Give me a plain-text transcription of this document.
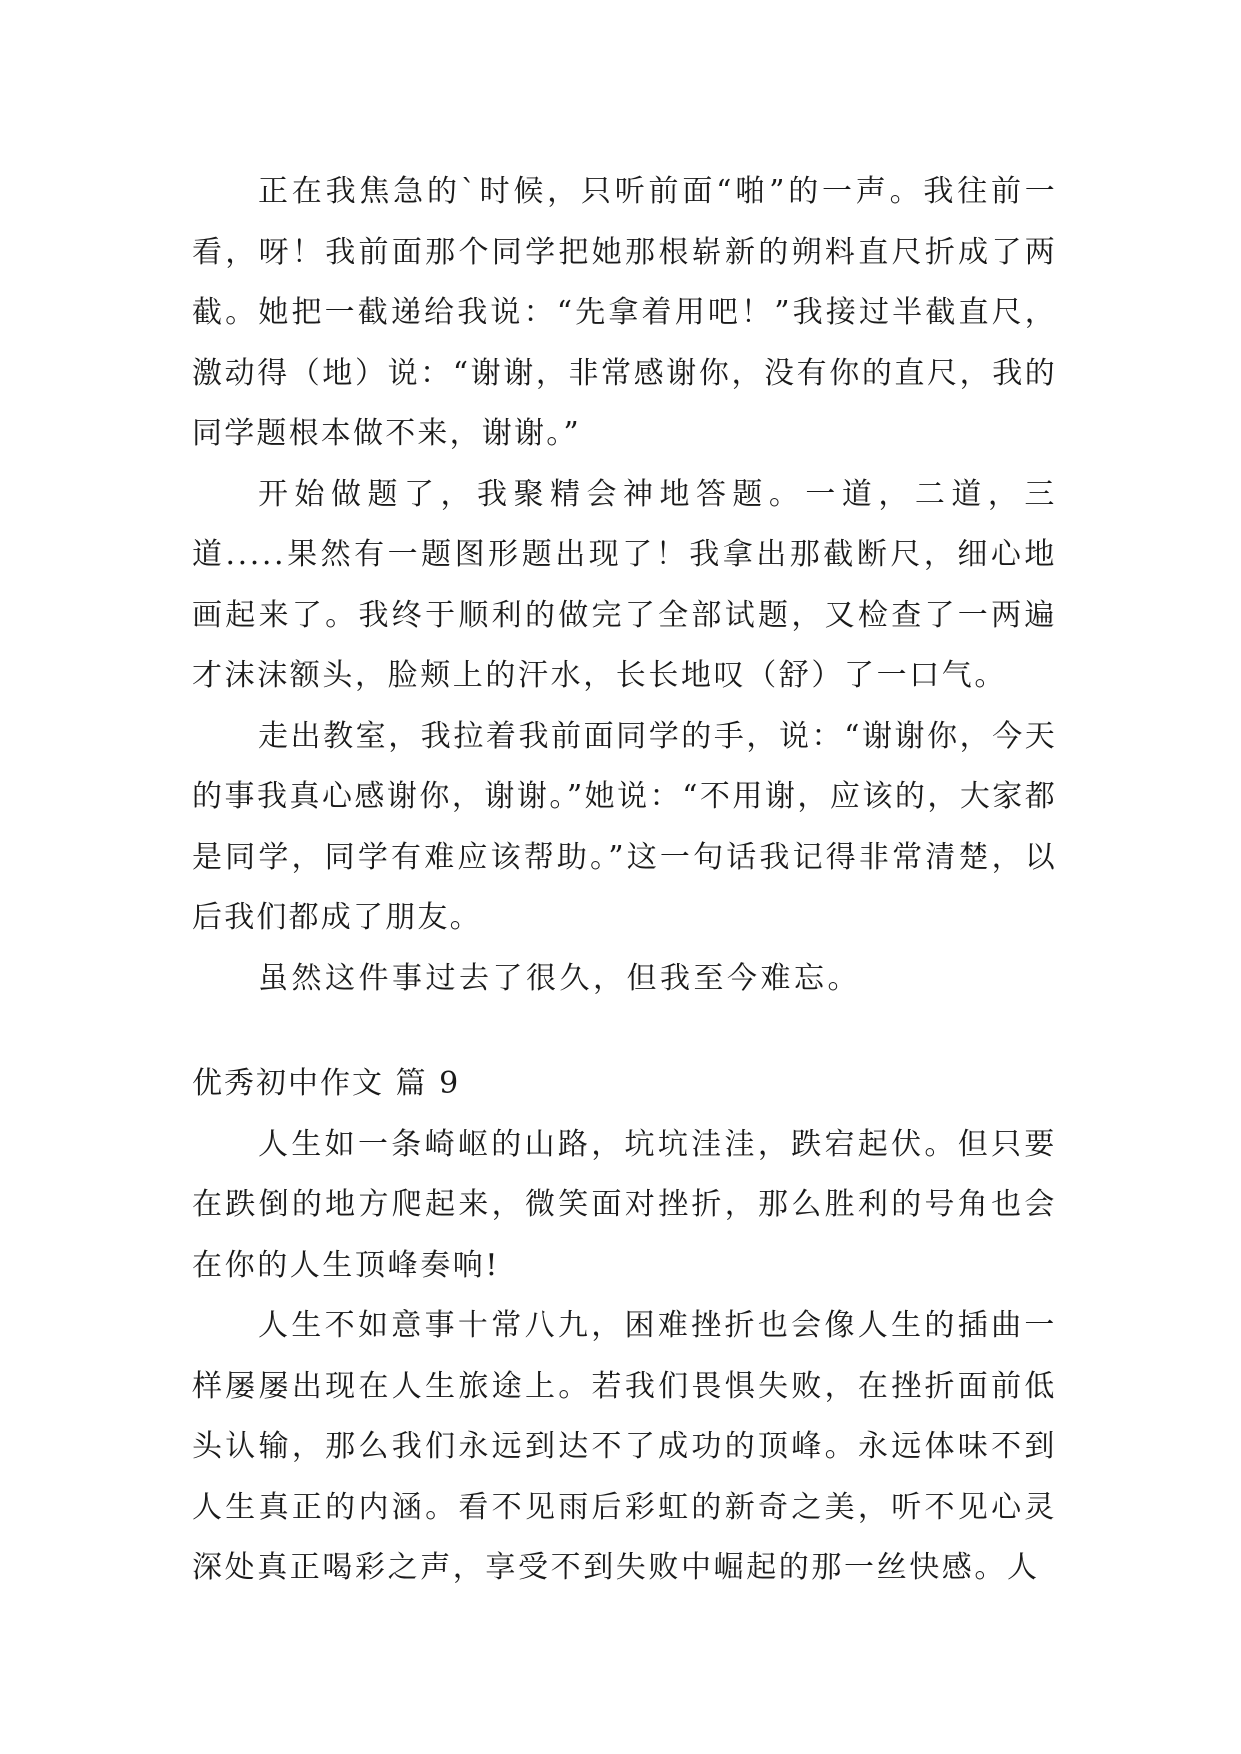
正在我焦急的`时候，只听前面“啪”的一声。我往前一看，呀！我前面那个同学把她那根崭新的朔料直尺折成了两截。她把一截递给我说：“先拿着用吧！”我接过半截直尺，激动得（地）说：“谢谢，非常感谢你，没有你的直尺，我的同学题根本做不来，谢谢。”

开始做题了，我聚精会神地答题。一道，二道，三道.....果然有一题图形题出现了！我拿出那截断尺，细心地画起来了。我终于顺利的做完了全部试题，又检查了一两遍才沫沫额头，脸颊上的汗水，长长地叹（舒）了一口气。

走出教室，我拉着我前面同学的手，说：“谢谢你，今天的事我真心感谢你，谢谢。”她说：“不用谢，应该的，大家都是同学，同学有难应该帮助。”这一句话我记得非常清楚，以后我们都成了朋友。

虽然这件事过去了很久，但我至今难忘。

优秀初中作文 篇 9

人生如一条崎岖的山路，坑坑洼洼，跌宕起伏。但只要在跌倒的地方爬起来，微笑面对挫折，那么胜利的号角也会在你的人生顶峰奏响!

人生不如意事十常八九，困难挫折也会像人生的插曲一样屡屡出现在人生旅途上。若我们畏惧失败，在挫折面前低头认输，那么我们永远到达不了成功的顶峰。永远体味不到人生真正的内涵。看不见雨后彩虹的新奇之美，听不见心灵深处真正喝彩之声，享受不到失败中崛起的那一丝快感。人
